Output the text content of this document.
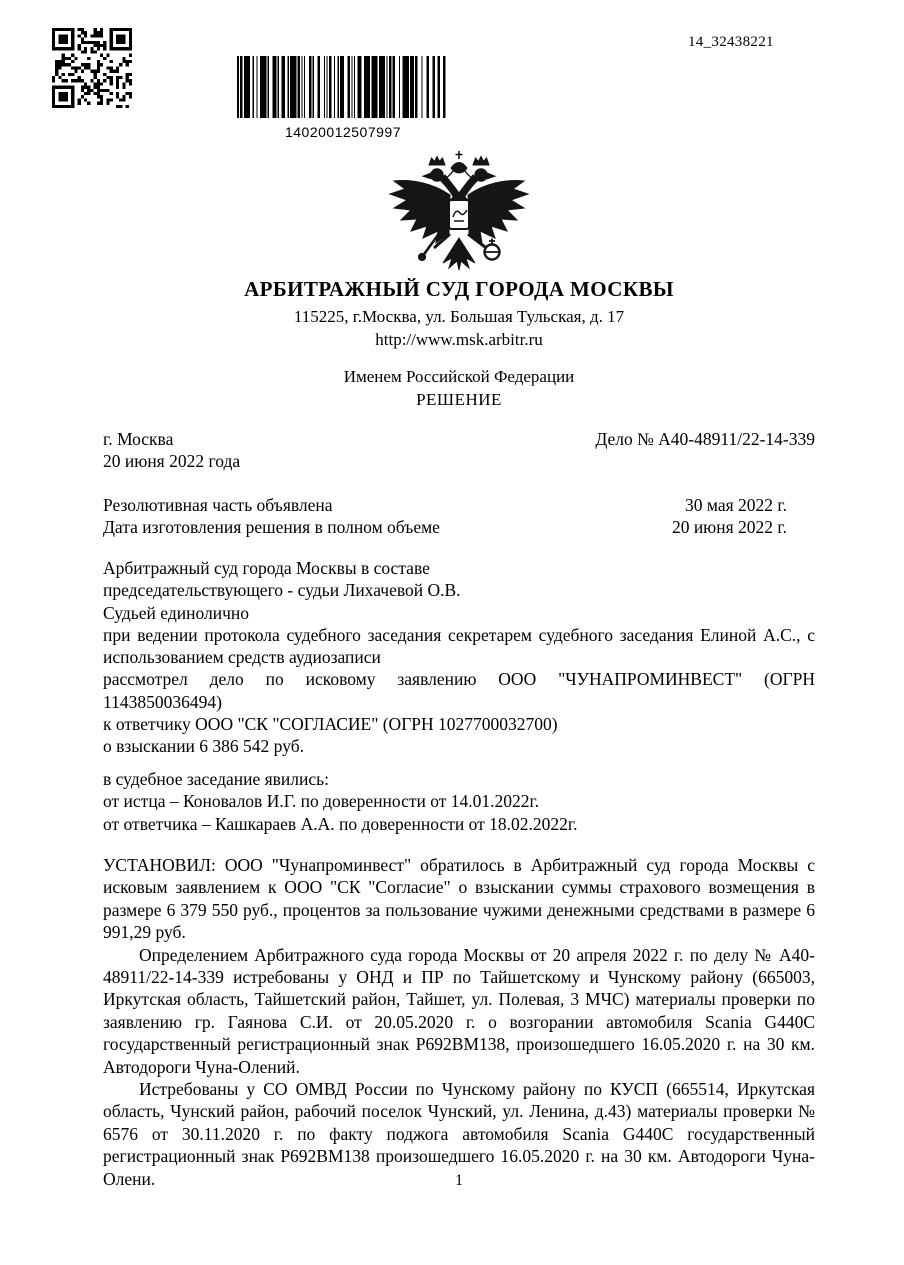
14_32438221
14020012507997
АРБИТРАЖНЫЙ СУД ГОРОДА МОСКВЫ
115225, г.Москва, ул. Большая Тульская, д. 17
http://www.msk.arbitr.ru
Именем Российской Федерации
РЕШЕНИЕ
г. Москва	Дело № А40-48911/22-14-339
20 июня 2022 года
Резолютивная часть объявлена	30 мая 2022 г.
Дата изготовления решения в полном объеме	20 июня 2022 г.
Арбитражный суд города Москвы в составе
председательствующего - судьи Лихачевой О.В.
Судьей единолично
при ведении протокола судебного заседания секретарем судебного заседания Елиной А.С., с использованием средств аудиозаписи
рассмотрел дело по исковому заявлению ООО "ЧУНАПРОМИНВЕСТ" (ОГРН 1143850036494)
к ответчику ООО "СК "СОГЛАСИЕ" (ОГРН 1027700032700)
о взыскании 6 386 542 руб.
в судебное заседание явились:
от истца – Коновалов И.Г. по доверенности от 14.01.2022г.
от ответчика – Кашкараев А.А. по доверенности от 18.02.2022г.

УСТАНОВИЛ: ООО "Чунапроминвест" обратилось в Арбитражный суд города Москвы с исковым заявлением к ООО "СК "Согласие" о взыскании суммы страхового возмещения в размере 6 379 550 руб., процентов за пользование чужими денежными средствами в размере 6 991,29 руб.

Определением Арбитражного суда города Москвы от 20 апреля 2022 г. по делу № А40-48911/22-14-339 истребованы у ОНД и ПР по Тайшетскому и Чунскому району (665003, Иркутская область, Тайшетский район, Тайшет, ул. Полевая, 3 МЧС) материалы проверки по заявлению гр. Гаянова С.И. от 20.05.2020 г. о возгорании автомобиля Scania G440C государственный регистрационный знак Р692ВМ138, произошедшего 16.05.2020 г. на 30 км. Автодороги Чуна-Олений.

Истребованы у СО ОМВД России по Чунскому району по КУСП (665514, Иркутская область, Чунский район, рабочий поселок Чунский, ул. Ленина, д.43) материалы проверки № 6576 от 30.11.2020 г. по факту поджога автомобиля Scania G440C государственный регистрационный знак Р692ВМ138 произошедшего 16.05.2020 г. на 30 км. Автодороги Чуна-Олени.	1
